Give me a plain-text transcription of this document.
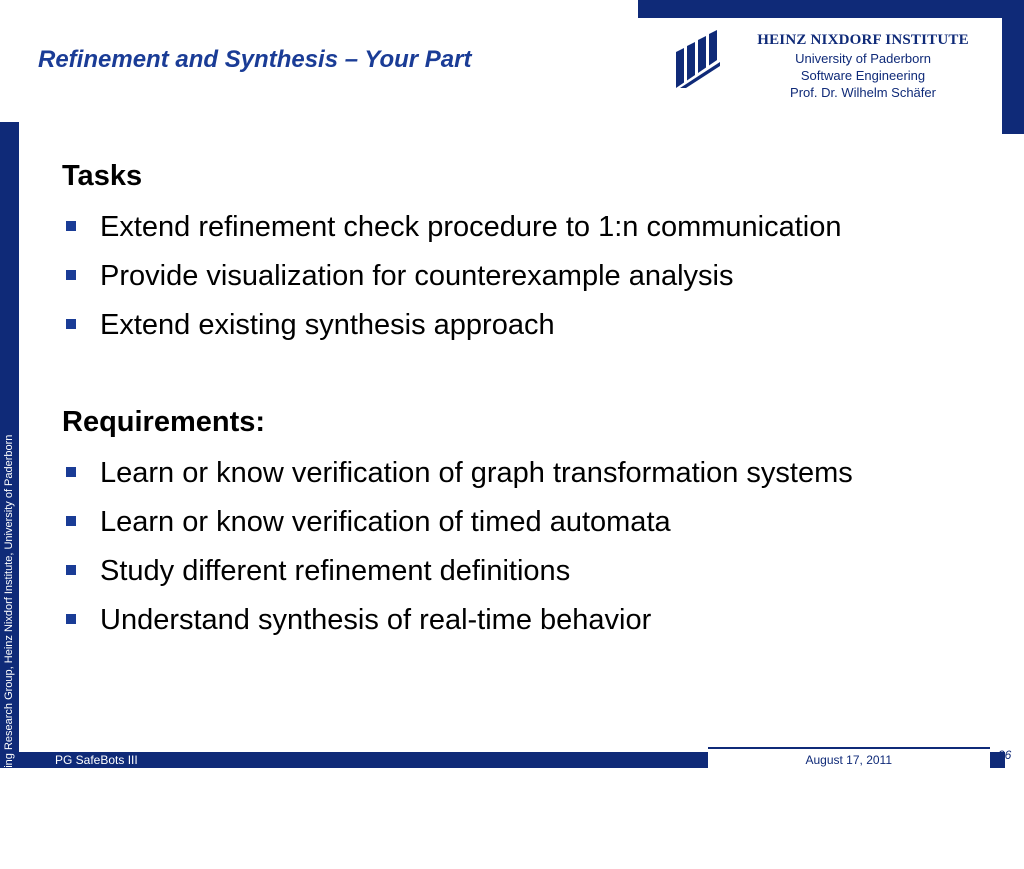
HEINZ NIXDORF INSTITUTE
University of Paderborn
Software Engineering
Prof. Dr. Wilhelm Schäfer
© Software Engineering Research Group, Heinz Nixdorf Institute, University of Paderborn
Refinement and Synthesis – Your Part
Tasks
Extend refinement check procedure to 1:n communication
Provide visualization for counterexample analysis
Extend existing synthesis approach
Requirements:
Learn or know verification of graph transformation systems
Learn or know verification of timed automata
Study different refinement definitions
Understand synthesis of real-time behavior
PG SafeBots III	August 17, 2011	26
